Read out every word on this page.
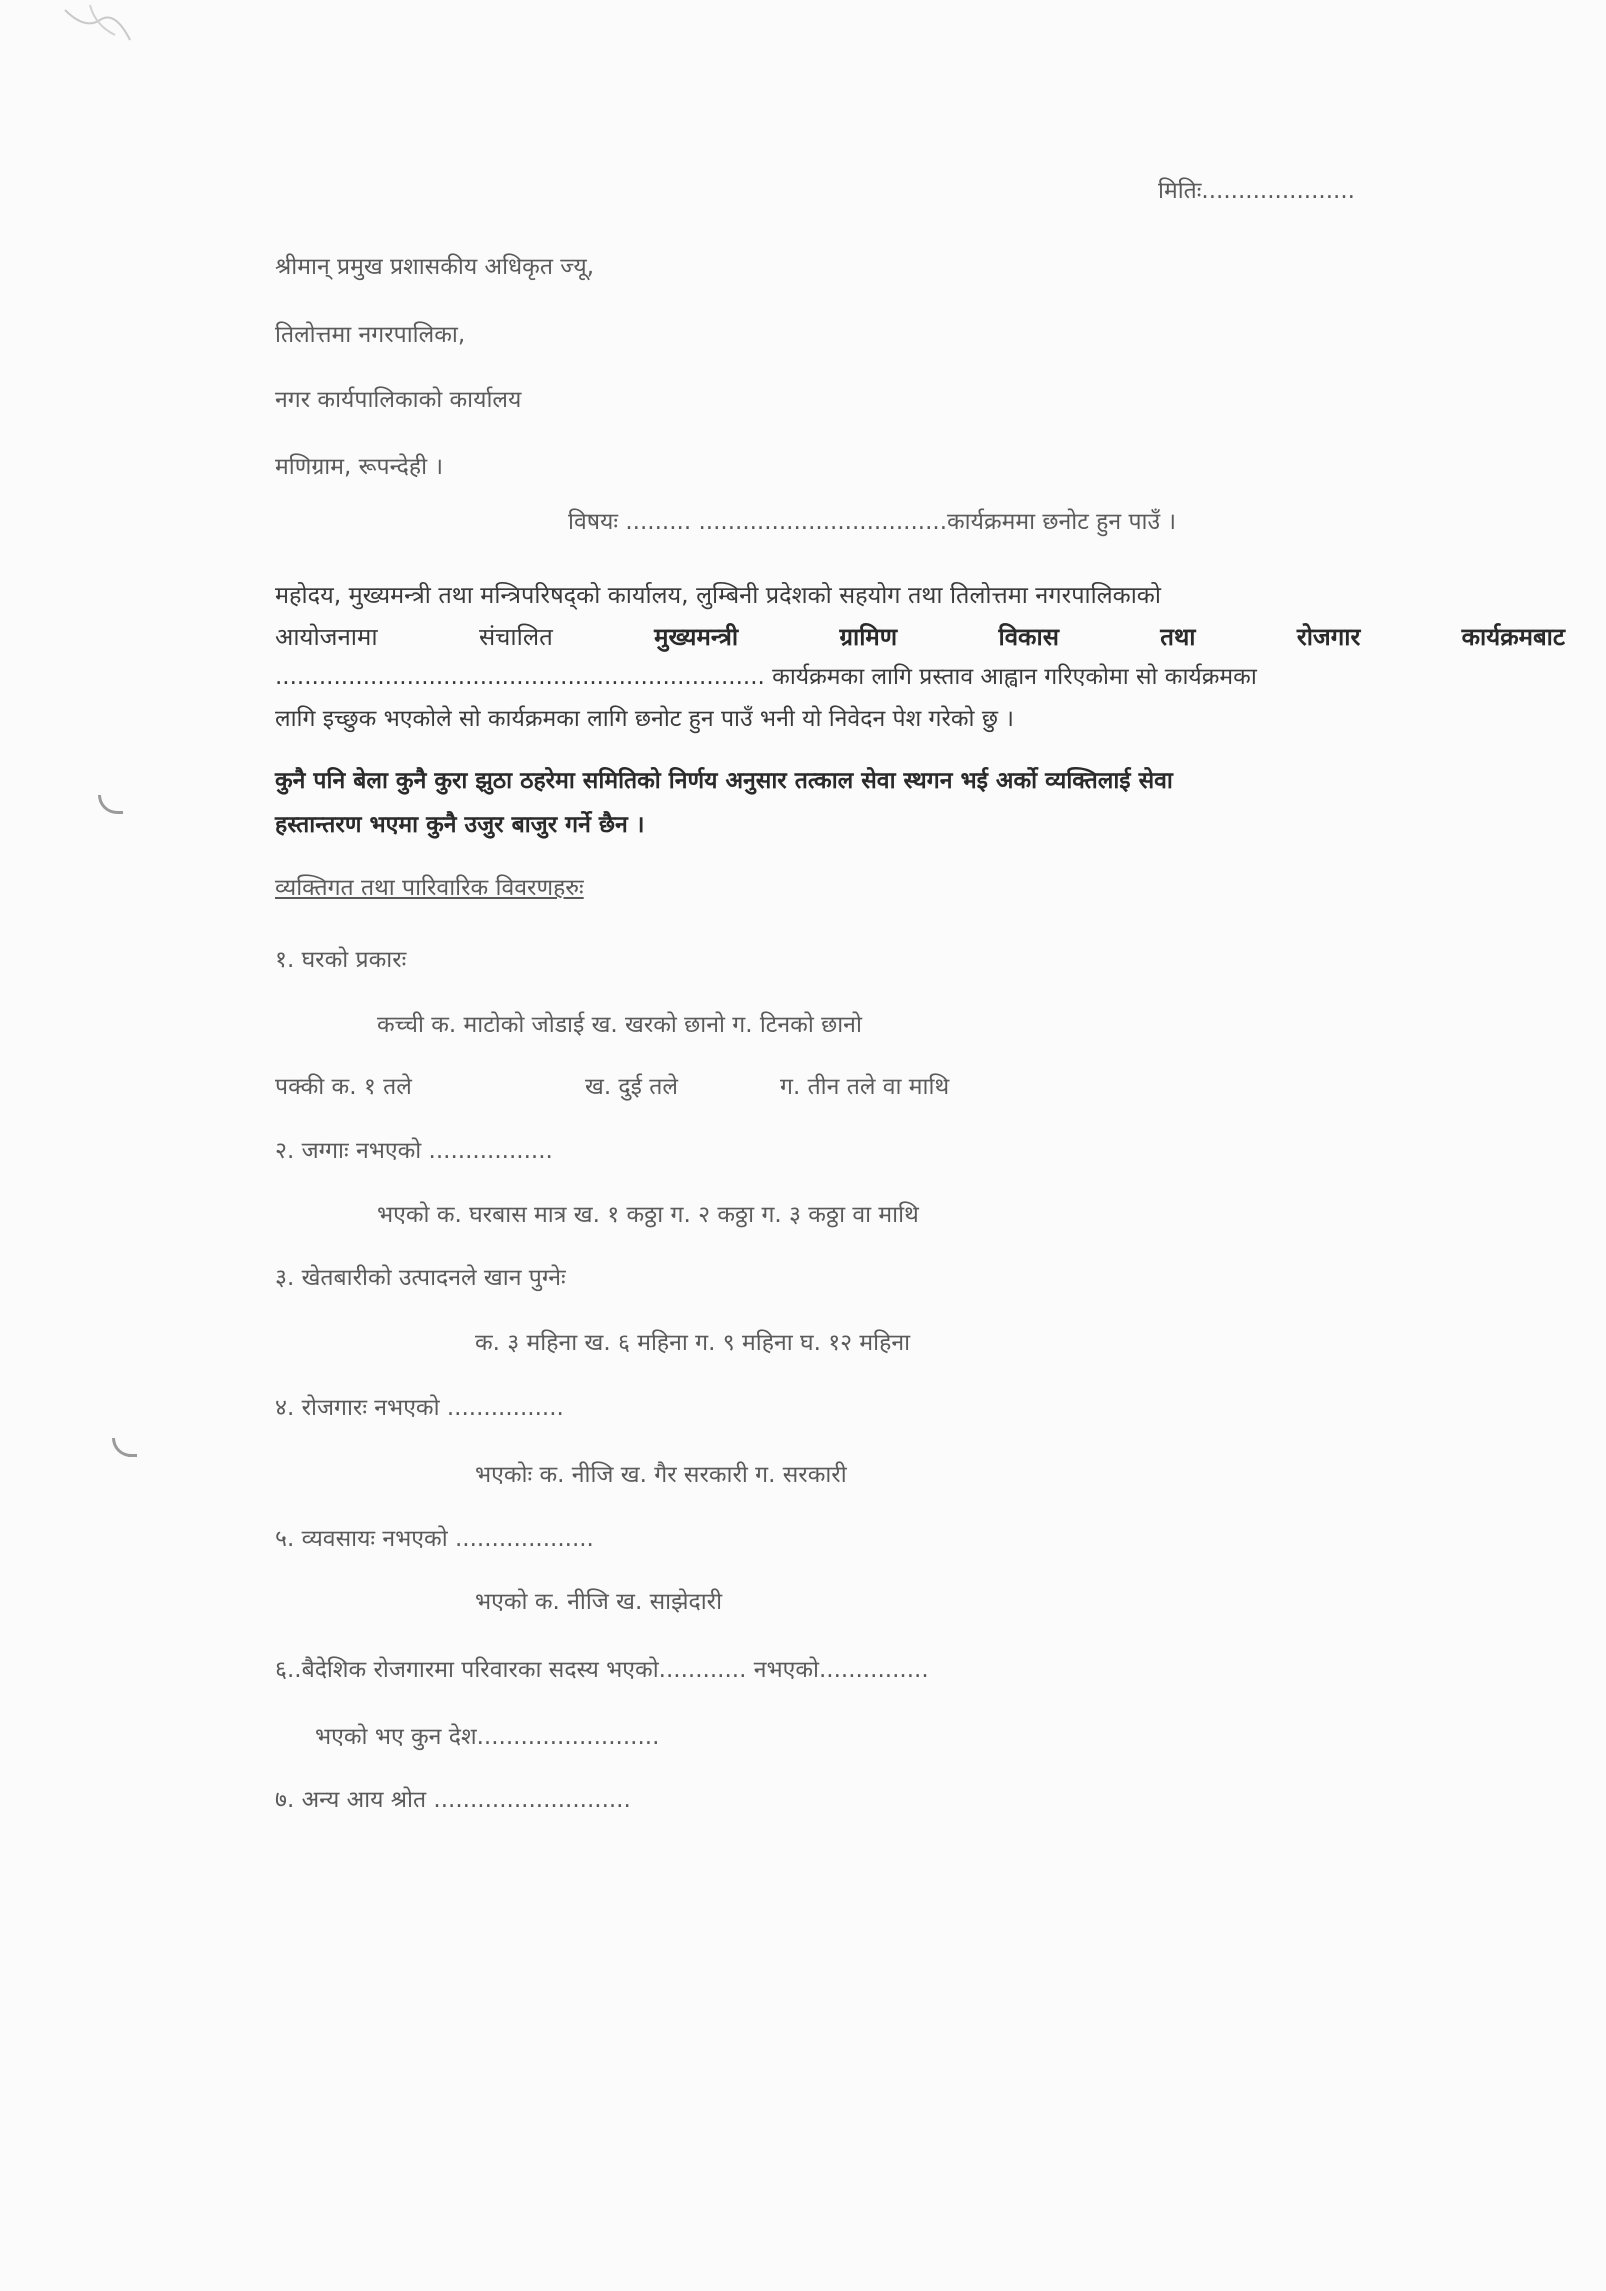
मितिः.....................
श्रीमान् प्रमुख प्रशासकीय अधिकृत ज्यू,
तिलोत्तमा नगरपालिका,
नगर कार्यपालिकाको कार्यालय
मणिग्राम, रूपन्देही ।
विषयः ......... ..................................कार्यक्रममा छनोट हुन पाउँ ।
महोदय, मुख्यमन्त्री तथा मन्त्रिपरिषद्को कार्यालय, लुम्बिनी प्रदेशको सहयोग तथा तिलोत्तमा नगरपालिकाको
आयोजनामा	संचालित	मुख्यमन्त्री	ग्रामिण	विकास	तथा	रोजगार	कार्यक्रमबाट
................................................................... कार्यक्रमका लागि प्रस्ताव आह्वान गरिएकोमा सो कार्यक्रमका
लागि इच्छुक भएकोले सो कार्यक्रमका लागि छनोट हुन पाउँ भनी यो निवेदन पेश गरेको छु ।
कुनै पनि बेला कुनै कुरा झुठा ठहरेमा समितिको निर्णय अनुसार तत्काल सेवा स्थगन भई अर्को व्यक्तिलाई सेवा
हस्तान्तरण भएमा कुनै उजुर बाजुर गर्ने छैन ।
व्यक्तिगत तथा पारिवारिक विवरणहरुः
१. घरको प्रकारः
कच्ची क. माटोको जोडाई ख. खरको छानो ग. टिनको छानो
पक्की क. १ तले	ख. दुई तले	ग. तीन तले वा माथि
२. जग्गाः नभएको .................
भएको क. घरबास मात्र ख. १ कठ्ठा ग. २ कठ्ठा ग. ३ कठ्ठा वा माथि
३. खेतबारीको उत्पादनले खान पुग्नेः
क. ३ महिना ख. ६ महिना ग. ९ महिना घ. १२ महिना
४. रोजगारः नभएको ................
भएकोः क. नीजि ख. गैर सरकारी ग. सरकारी
५. व्यवसायः नभएको ...................
भएको क. नीजि ख. साझेदारी
६..बैदेशिक रोजगारमा परिवारका सदस्य भएको............ नभएको...............
भएको भए कुन देश.........................
७. अन्य आय श्रोत ...........................
